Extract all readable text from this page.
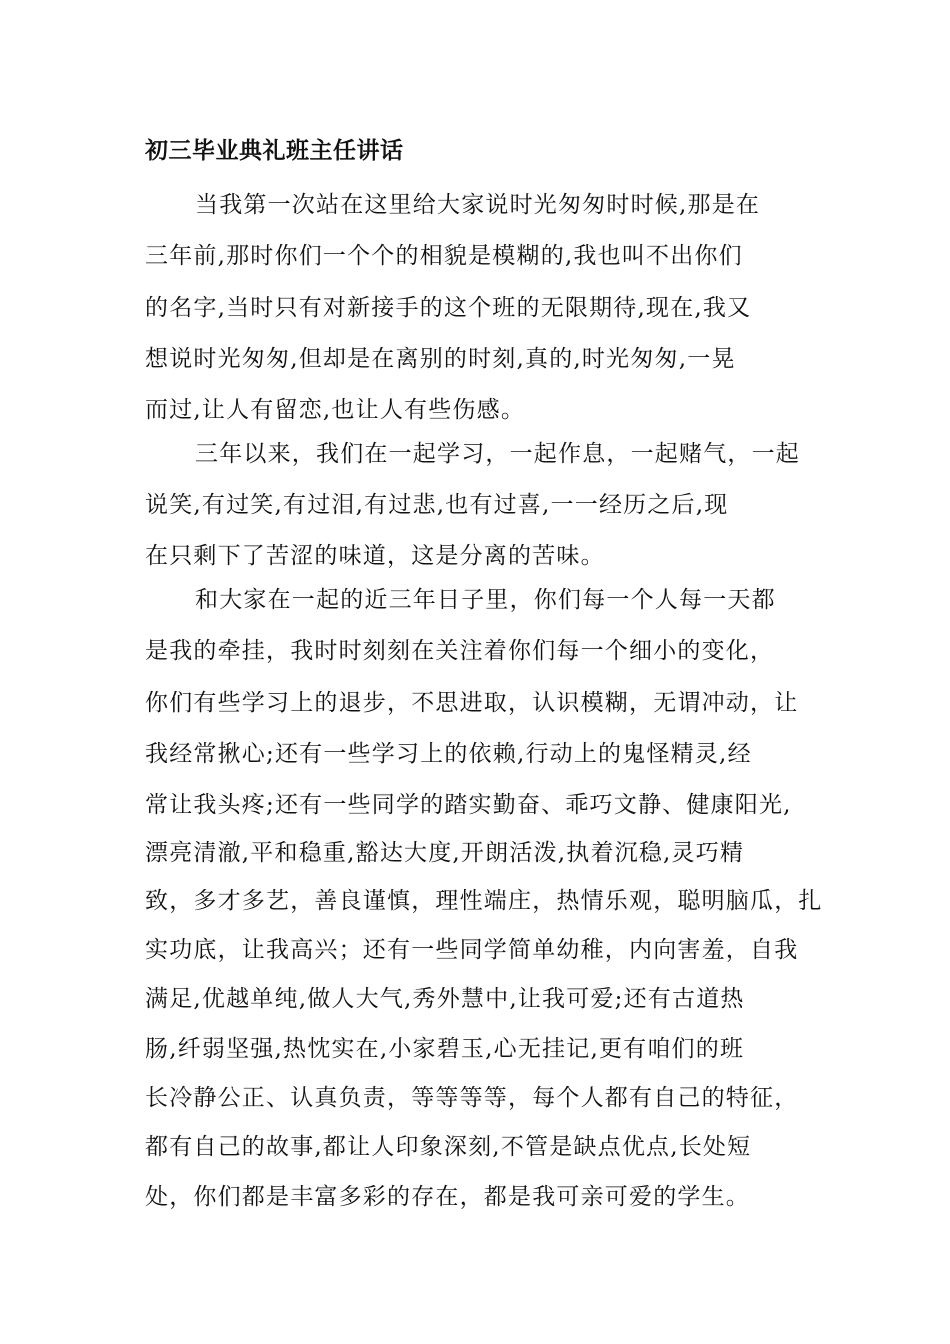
初三毕业典礼班主任讲话
当我第一次站在这里给大家说时光匆匆时时候,那是在
三年前,那时你们一个个的相貌是模糊的,我也叫不出你们
的名字,当时只有对新接手的这个班的无限期待,现在,我又
想说时光匆匆,但却是在离别的时刻,真的,时光匆匆,一晃
而过,让人有留恋,也让人有些伤感。
三年以来，我们在一起学习，一起作息，一起赌气，一起
说笑,有过笑,有过泪,有过悲,也有过喜,一一经历之后,现
在只剩下了苦涩的味道，这是分离的苦味。
和大家在一起的近三年日子里，你们每一个人每一天都
是我的牵挂，我时时刻刻在关注着你们每一个细小的变化，
你们有些学习上的退步，不思进取，认识模糊，无谓冲动，让
我经常揪心;还有一些学习上的依赖,行动上的鬼怪精灵,经
常让我头疼;还有一些同学的踏实勤奋、乖巧文静、健康阳光,
漂亮清澈,平和稳重,豁达大度,开朗活泼,执着沉稳,灵巧精
致，多才多艺，善良谨慎，理性端庄，热情乐观，聪明脑瓜，扎
实功底，让我高兴；还有一些同学简单幼稚，内向害羞，自我
满足,优越单纯,做人大气,秀外慧中,让我可爱;还有古道热
肠,纤弱坚强,热忱实在,小家碧玉,心无挂记,更有咱们的班
长冷静公正、认真负责，等等等等，每个人都有自己的特征，
都有自己的故事,都让人印象深刻,不管是缺点优点,长处短
处，你们都是丰富多彩的存在，都是我可亲可爱的学生。
